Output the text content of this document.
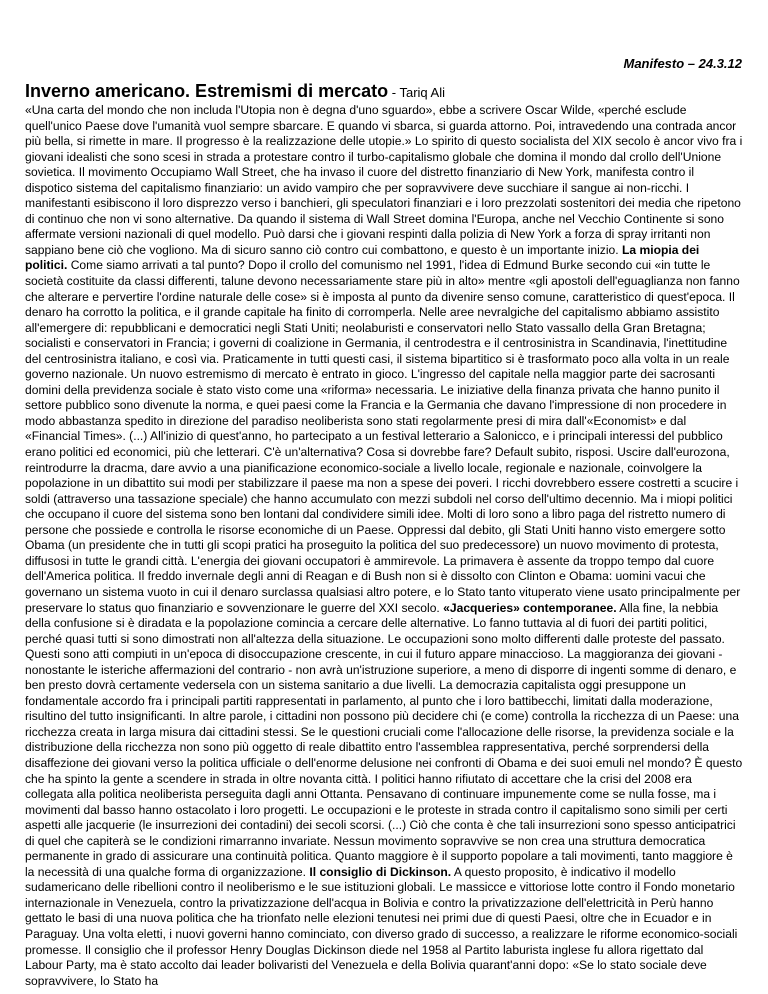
Manifesto – 24.3.12
Inverno americano. Estremismi di mercato - Tariq Ali

«Una carta del mondo che non includa l'Utopia non è degna d'uno sguardo», ebbe a scrivere Oscar Wilde, «perché esclude quell'unico Paese dove l'umanità vuol sempre sbarcare. E quando vi sbarca, si guarda attorno. Poi, intravedendo una contrada ancor più bella, si rimette in mare. Il progresso è la realizzazione delle utopie.» Lo spirito di questo socialista del XIX secolo è ancor vivo fra i giovani idealisti che sono scesi in strada a protestare contro il turbo-capitalismo globale che domina il mondo dal crollo dell'Unione sovietica. Il movimento Occupiamo Wall Street, che ha invaso il cuore del distretto finanziario di New York, manifesta contro il dispotico sistema del capitalismo finanziario: un avido vampiro che per sopravvivere deve succhiare il sangue ai non-ricchi. I manifestanti esibiscono il loro disprezzo verso i banchieri, gli speculatori finanziari e i loro prezzolati sostenitori dei media che ripetono di continuo che non vi sono alternative. Da quando il sistema di Wall Street domina l'Europa, anche nel Vecchio Continente si sono affermate versioni nazionali di quel modello. Può darsi che i giovani respinti dalla polizia di New York a forza di spray irritanti non sappiano bene ciò che vogliono. Ma di sicuro sanno ciò contro cui combattono, e questo è un importante inizio. La miopia dei politici. Come siamo arrivati a tal punto? Dopo il crollo del comunismo nel 1991, l'idea di Edmund Burke secondo cui «in tutte le società costituite da classi differenti, talune devono necessariamente stare più in alto» mentre «gli apostoli dell'eguaglianza non fanno che alterare e pervertire l'ordine naturale delle cose» si è imposta al punto da divenire senso comune, caratteristico di quest'epoca. Il denaro ha corrotto la politica, e il grande capitale ha finito di corromperla. Nelle aree nevralgiche del capitalismo abbiamo assistito all'emergere di: repubblicani e democratici negli Stati Uniti; neolaburisti e conservatori nello Stato vassallo della Gran Bretagna; socialisti e conservatori in Francia; i governi di coalizione in Germania, il centrodestra e il centrosinistra in Scandinavia, l'inettitudine del centrosinistra italiano, e così via. Praticamente in tutti questi casi, il sistema bipartitico si è trasformato poco alla volta in un reale governo nazionale. Un nuovo estremismo di mercato è entrato in gioco. L'ingresso del capitale nella maggior parte dei sacrosanti domini della previdenza sociale è stato visto come una «riforma» necessaria. Le iniziative della finanza privata che hanno punito il settore pubblico sono divenute la norma, e quei paesi come la Francia e la Germania che davano l'impressione di non procedere in modo abbastanza spedito in direzione del paradiso neoliberista sono stati regolarmente presi di mira dall'«Economist» e dal «Financial Times». (...) All'inizio di quest'anno, ho partecipato a un festival letterario a Salonicco, e i principali interessi del pubblico erano politici ed economici, più che letterari. C'è un'alternativa? Cosa si dovrebbe fare? Default subito, risposi. Uscire dall'eurozona, reintrodurre la dracma, dare avvio a una pianificazione economico-sociale a livello locale, regionale e nazionale, coinvolgere la popolazione in un dibattito sui modi per stabilizzare il paese ma non a spese dei poveri. I ricchi dovrebbero essere costretti a scucire i soldi (attraverso una tassazione speciale) che hanno accumulato con mezzi subdoli nel corso dell'ultimo decennio. Ma i miopi politici che occupano il cuore del sistema sono ben lontani dal condividere simili idee. Molti di loro sono a libro paga del ristretto numero di persone che possiede e controlla le risorse economiche di un Paese. Oppressi dal debito, gli Stati Uniti hanno visto emergere sotto Obama (un presidente che in tutti gli scopi pratici ha proseguito la politica del suo predecessore) un nuovo movimento di protesta, diffusosi in tutte le grandi città. L'energia dei giovani occupatori è ammirevole. La primavera è assente da troppo tempo dal cuore dell'America politica. Il freddo invernale degli anni di Reagan e di Bush non si è dissolto con Clinton e Obama: uomini vacui che governano un sistema vuoto in cui il denaro surclassa qualsiasi altro potere, e lo Stato tanto vituperato viene usato principalmente per preservare lo status quo finanziario e sovvenzionare le guerre del XXI secolo. «Jacqueries» contemporanee. Alla fine, la nebbia della confusione si è diradata e la popolazione comincia a cercare delle alternative. Lo fanno tuttavia al di fuori dei partiti politici, perché quasi tutti si sono dimostrati non all'altezza della situazione. Le occupazioni sono molto differenti dalle proteste del passato. Questi sono atti compiuti in un'epoca di disoccupazione crescente, in cui il futuro appare minaccioso. La maggioranza dei giovani - nonostante le isteriche affermazioni del contrario - non avrà un'istruzione superiore, a meno di disporre di ingenti somme di denaro, e ben presto dovrà certamente vedersela con un sistema sanitario a due livelli. La democrazia capitalista oggi presuppone un fondamentale accordo fra i principali partiti rappresentati in parlamento, al punto che i loro battibecchi, limitati dalla moderazione, risultino del tutto insignificanti. In altre parole, i cittadini non possono più decidere chi (e come) controlla la ricchezza di un Paese: una ricchezza creata in larga misura dai cittadini stessi. Se le questioni cruciali come l'allocazione delle risorse, la previdenza sociale e la distribuzione della ricchezza non sono più oggetto di reale dibattito entro l'assemblea rappresentativa, perché sorprendersi della disaffezione dei giovani verso la politica ufficiale o dell'enorme delusione nei confronti di Obama e dei suoi emuli nel mondo? È questo che ha spinto la gente a scendere in strada in oltre novanta città. I politici hanno rifiutato di accettare che la crisi del 2008 era collegata alla politica neoliberista perseguita dagli anni Ottanta. Pensavano di continuare impunemente come se nulla fosse, ma i movimenti dal basso hanno ostacolato i loro progetti. Le occupazioni e le proteste in strada contro il capitalismo sono simili per certi aspetti alle jacquerie (le insurrezioni dei contadini) dei secoli scorsi. (...) Ciò che conta è che tali insurrezioni sono spesso anticipatrici di quel che capiterà se le condizioni rimarranno invariate. Nessun movimento sopravvive se non crea una struttura democratica permanente in grado di assicurare una continuità politica. Quanto maggiore è il supporto popolare a tali movimenti, tanto maggiore è la necessità di una qualche forma di organizzazione. Il consiglio di Dickinson. A questo proposito, è indicativo il modello sudamericano delle ribellioni contro il neoliberismo e le sue istituzioni globali. Le massicce e vittoriose lotte contro il Fondo monetario internazionale in Venezuela, contro la privatizzazione dell'acqua in Bolivia e contro la privatizzazione dell'elettricità in Perù hanno gettato le basi di una nuova politica che ha trionfato nelle elezioni tenutesi nei primi due di questi Paesi, oltre che in Ecuador e in Paraguay. Una volta eletti, i nuovi governi hanno cominciato, con diverso grado di successo, a realizzare le riforme economico-sociali promesse. Il consiglio che il professor Henry Douglas Dickinson diede nel 1958 al Partito laburista inglese fu allora rigettato dal Labour Party, ma è stato accolto dai leader bolivaristi del Venezuela e della Bolivia quarant'anni dopo: «Se lo stato sociale deve sopravvivere, lo Stato ha
